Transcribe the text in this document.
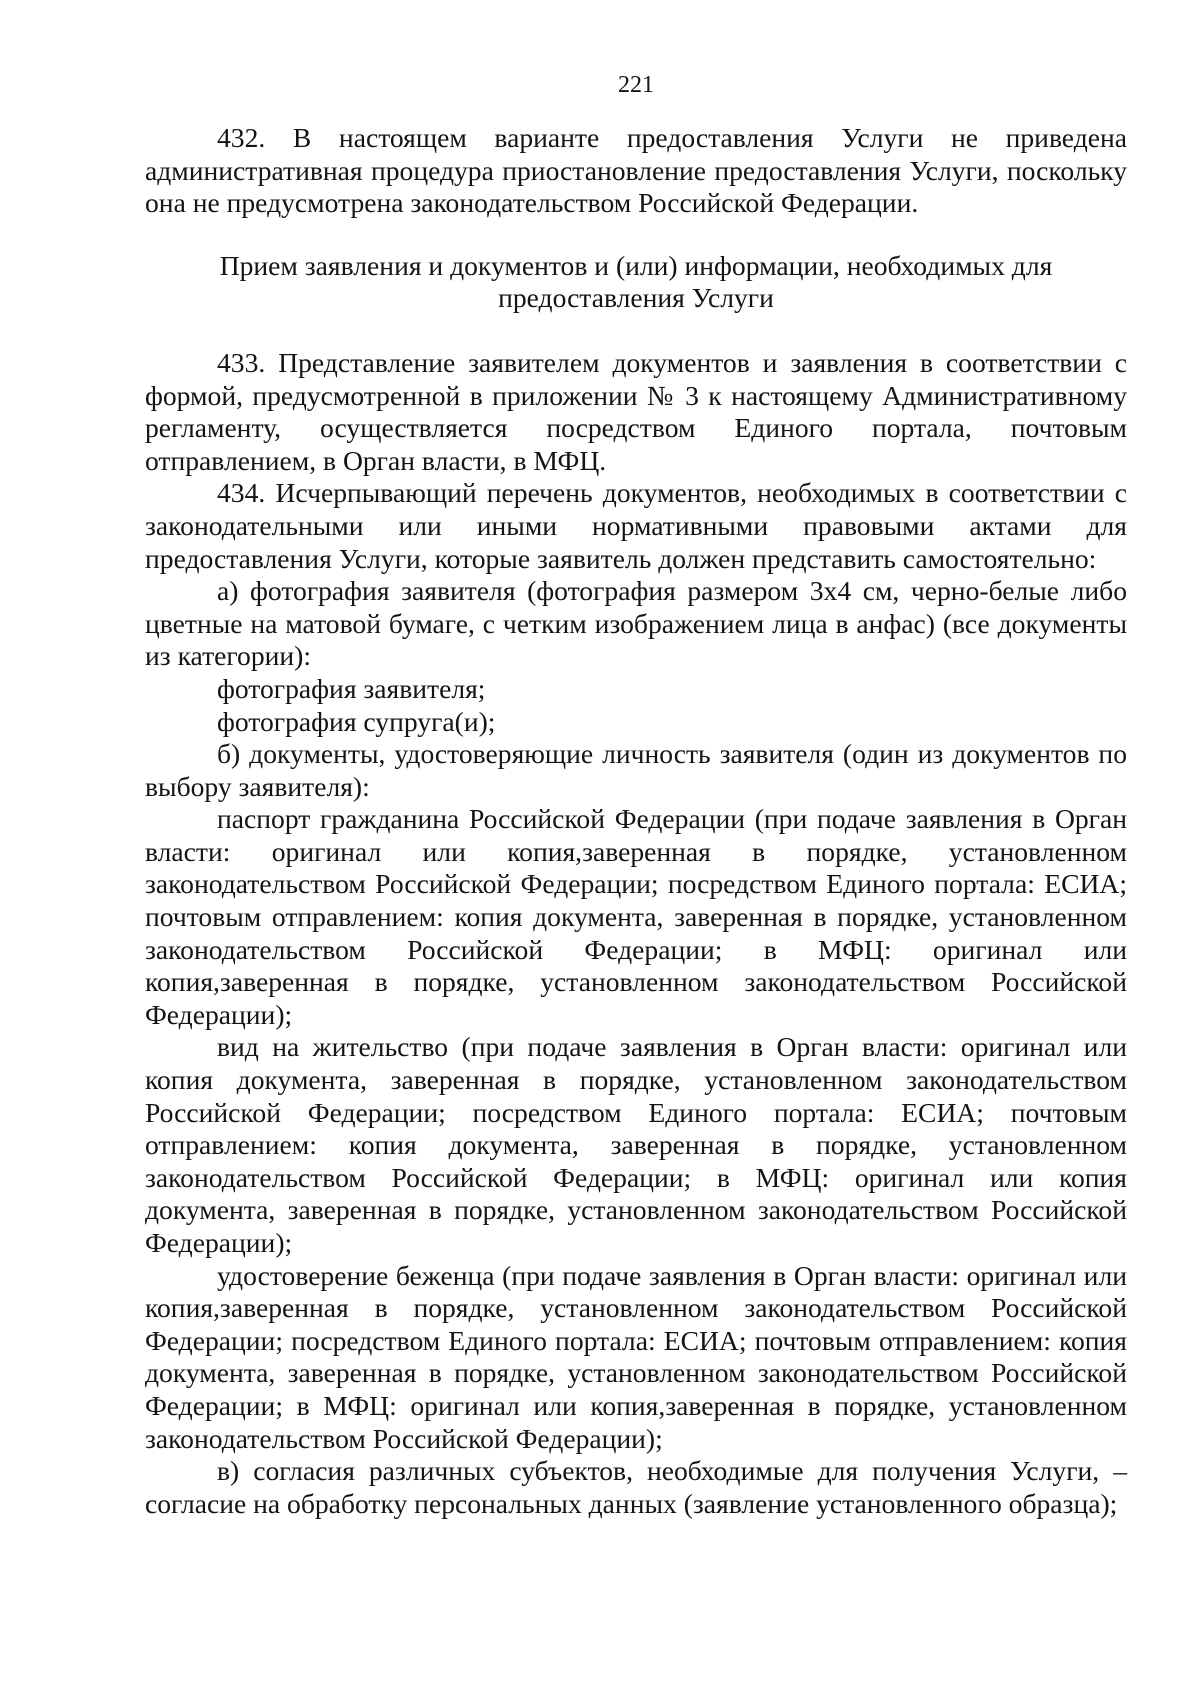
221

432. В настоящем варианте предоставления Услуги не приведена административная процедура приостановление предоставления Услуги, поскольку она не предусмотрена законодательством Российской Федерации.

Прием заявления и документов и (или) информации, необходимых для
предоставления Услуги

433. Представление заявителем документов и заявления в соответствии с формой, предусмотренной в приложении № 3 к настоящему Административному регламенту, осуществляется посредством Единого портала, почтовым отправлением, в Орган власти, в МФЦ.

434. Исчерпывающий перечень документов, необходимых в соответствии с законодательными или иными нормативными правовыми актами для предоставления Услуги, которые заявитель должен представить самостоятельно:

а) фотография заявителя (фотография размером 3х4 см, черно-белые либо цветные на матовой бумаге, с четким изображением лица в анфас) (все документы из категории):

фотография заявителя;

фотография супруга(и);

б) документы, удостоверяющие личность заявителя (один из документов по выбору заявителя):

паспорт гражданина Российской Федерации (при подаче заявления в Орган власти: оригинал или копия,заверенная в порядке, установленном законодательством Российской Федерации; посредством Единого портала: ЕСИА; почтовым отправлением: копия документа, заверенная в порядке, установленном законодательством Российской Федерации; в МФЦ: оригинал или копия,заверенная в порядке, установленном законодательством Российской Федерации);

вид на жительство (при подаче заявления в Орган власти: оригинал или копия документа, заверенная в порядке, установленном законодательством Российской Федерации; посредством Единого портала: ЕСИА; почтовым отправлением: копия документа, заверенная в порядке, установленном законодательством Российской Федерации; в МФЦ: оригинал или копия документа, заверенная в порядке, установленном законодательством Российской Федерации);

удостоверение беженца (при подаче заявления в Орган власти: оригинал или копия,заверенная в порядке, установленном законодательством Российской Федерации; посредством Единого портала: ЕСИА; почтовым отправлением: копия документа, заверенная в порядке, установленном законодательством Российской Федерации; в МФЦ: оригинал или копия,заверенная в порядке, установленном законодательством Российской Федерации);

в) согласия различных субъектов, необходимые для получения Услуги, – согласие на обработку персональных данных (заявление установленного образца);
